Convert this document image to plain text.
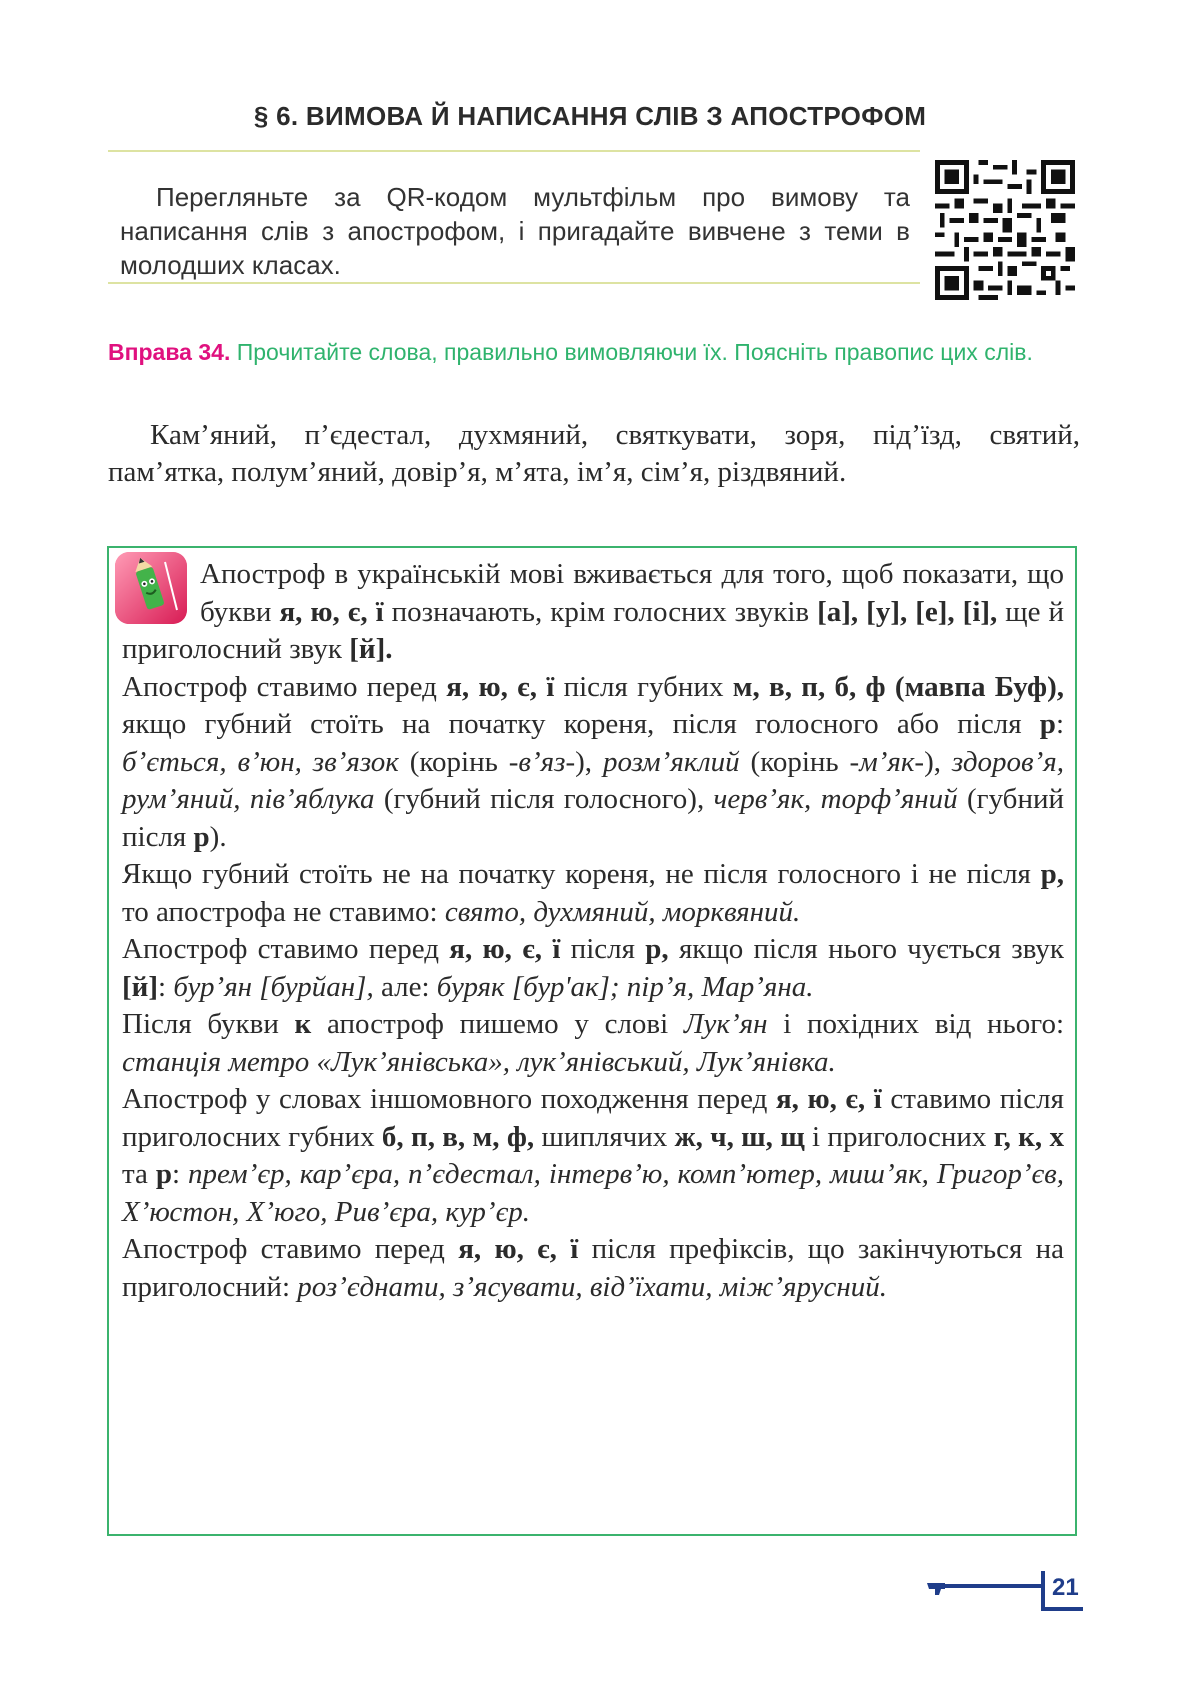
§ 6. ВИМОВА Й НАПИСАННЯ СЛІВ З АПОСТРОФОМ
Перегляньте за QR-кодом мультфільм про вимову та написання слів з апострофом, і пригадайте вивчене з теми в молодших класах.
Вправа 34. Прочитайте слова, правильно вимовляючи їх. Поясніть правопис цих слів.
Кам’яний, п’єдестал, духмяний, святкувати, зоря, під’їзд, святий, пам’ятка, полум’яний, довір’я, м’ята, ім’я, сім’я, різдвяний.

Апостроф в українській мові вживається для того, щоб показати, що букви я, ю, є, ї позначають, крім голосних звуків [а], [у], [е], [і], ще й приголосний звук [й].

Апостроф ставимо перед я, ю, є, ї після губних м, в, п, б, ф (мавпа Буф), якщо губний стоїть на початку кореня, після голосного або після р: б’ється, в’юн, зв’язок (корінь -в’яз-), розм’яклий (корінь -м’як-), здоров’я, рум’яний, пів’яблука (губний після голосного), черв’як, торф’яний (губний після р).

Якщо губний стоїть не на початку кореня, не після голосного і не після р, то апострофа не ставимо: свято, духмяний, морквяний.

Апостроф ставимо перед я, ю, є, ї після р, якщо після нього чується звук [й]: бур’ян [бурйан], але: буряк [бур'ак]; пір’я, Мар’яна.

Після букви к апостроф пишемо у слові Лук’ян і похідних від нього: станція метро «Лук’янівська», лук’янівський, Лук’янівка.

Апостроф у словах іншомовного походження перед я, ю, є, ї ставимо після приголосних губних б, п, в, м, ф, шиплячих ж, ч, ш, щ і приголосних г, к, х та р: прем’єр, кар’єра, п’єдестал, інтерв’ю, комп’ютер, миш’як, Григор’єв, Х’юстон, Х’юго, Рив’єра, кур’єр.

Апостроф ставимо перед я, ю, є, ї після префіксів, що закінчуються на приголосний: роз’єднати, з’ясувати, від’їхати, між’ярусний.

21
